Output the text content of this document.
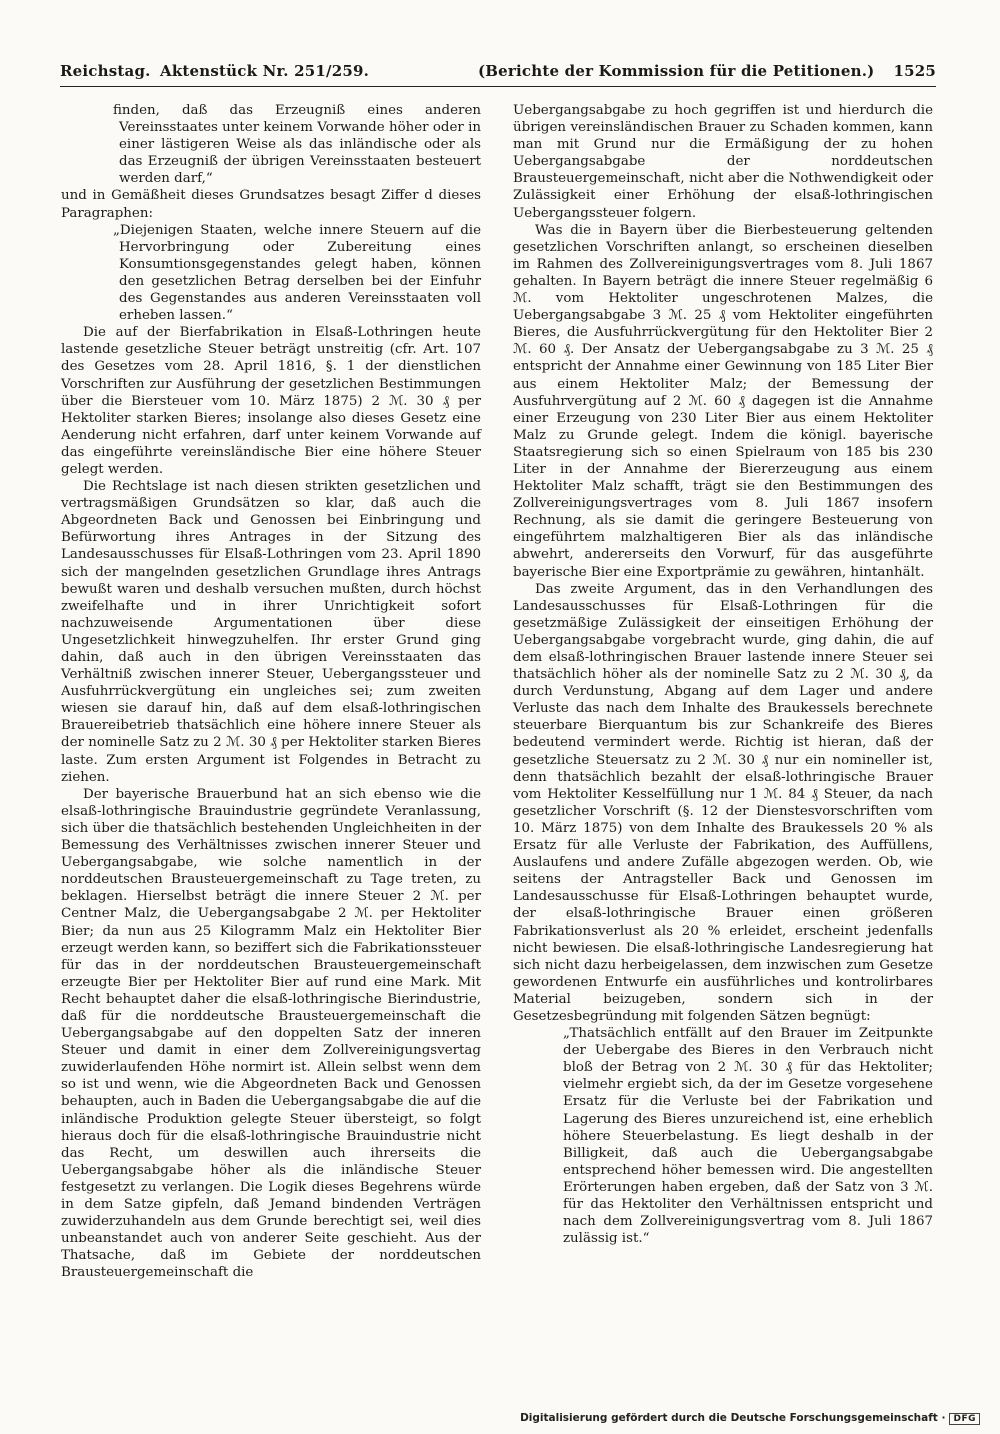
Reichstag. Aktenstück Nr. 251/259.	(Berichte der Kommission für die Petitionen.) 1525

finden, daß das Erzeugniß eines anderen Vereinsstaates unter keinem Vorwande höher oder in einer lästigeren Weise als das inländische oder als das Erzeugniß der übrigen Vereinsstaaten besteuert werden darf,“

und in Gemäßheit dieses Grundsatzes besagt Ziffer d dieses Paragraphen:

„Diejenigen Staaten, welche innere Steuern auf die Hervorbringung oder Zubereitung eines Konsumtionsgegenstandes gelegt haben, können den gesetzlichen Betrag derselben bei der Einfuhr des Gegenstandes aus anderen Vereinsstaaten voll erheben lassen.“

Die auf der Bierfabrikation in Elsaß-Lothringen heute lastende gesetzliche Steuer beträgt unstreitig (cfr. Art. 107 des Gesetzes vom 28. April 1816, §. 1 der dienstlichen Vorschriften zur Ausführung der gesetzlichen Bestimmungen über die Biersteuer vom 10. März 1875) 2 ℳ. 30 ₰ per Hektoliter starken Bieres; insolange also dieses Gesetz eine Aenderung nicht erfahren, darf unter keinem Vorwande auf das eingeführte vereinsländische Bier eine höhere Steuer gelegt werden.

Die Rechtslage ist nach diesen strikten gesetzlichen und vertragsmäßigen Grundsätzen so klar, daß auch die Abgeordneten Back und Genossen bei Einbringung und Befürwortung ihres Antrages in der Sitzung des Landesausschusses für Elsaß-Lothringen vom 23. April 1890 sich der mangelnden gesetzlichen Grundlage ihres Antrags bewußt waren und deshalb versuchen mußten, durch höchst zweifelhafte und in ihrer Unrichtigkeit sofort nachzuweisende Argumentationen über diese Ungesetzlichkeit hinwegzuhelfen. Ihr erster Grund ging dahin, daß auch in den übrigen Vereinsstaaten das Verhältniß zwischen innerer Steuer, Uebergangssteuer und Ausfuhrrückvergütung ein ungleiches sei; zum zweiten wiesen sie darauf hin, daß auf dem elsaß-lothringischen Brauereibetrieb thatsächlich eine höhere innere Steuer als der nominelle Satz zu 2 ℳ. 30 ₰ per Hektoliter starken Bieres laste. Zum ersten Argument ist Folgendes in Betracht zu ziehen.

Der bayerische Brauerbund hat an sich ebenso wie die elsaß-lothringische Brauindustrie gegründete Veranlassung, sich über die thatsächlich bestehenden Ungleichheiten in der Bemessung des Verhältnisses zwischen innerer Steuer und Uebergangsabgabe, wie solche namentlich in der norddeutschen Brausteuergemeinschaft zu Tage treten, zu beklagen. Hierselbst beträgt die innere Steuer 2 ℳ. per Centner Malz, die Uebergangsabgabe 2 ℳ. per Hektoliter Bier; da nun aus 25 Kilogramm Malz ein Hektoliter Bier erzeugt werden kann, so beziffert sich die Fabrikationssteuer für das in der norddeutschen Brausteuergemeinschaft erzeugte Bier per Hektoliter Bier auf rund eine Mark. Mit Recht behauptet daher die elsaß-lothringische Bierindustrie, daß für die norddeutsche Brausteuergemeinschaft die Uebergangsabgabe auf den doppelten Satz der inneren Steuer und damit in einer dem Zollvereinigungsvertag zuwiderlaufenden Höhe normirt ist. Allein selbst wenn dem so ist und wenn, wie die Abgeordneten Back und Genossen behaupten, auch in Baden die Uebergangsabgabe die auf die inländische Produktion gelegte Steuer übersteigt, so folgt hieraus doch für die elsaß-lothringische Brauindustrie nicht das Recht, um deswillen auch ihrerseits die Uebergangsabgabe höher als die inländische Steuer festgesetzt zu verlangen. Die Logik dieses Begehrens würde in dem Satze gipfeln, daß Jemand bindenden Verträgen zuwiderzuhandeln aus dem Grunde berechtigt sei, weil dies unbeanstandet auch von anderer Seite geschieht. Aus der Thatsache, daß im Gebiete der norddeutschen Brausteuergemeinschaft die

Uebergangsabgabe zu hoch gegriffen ist und hierdurch die übrigen vereinsländischen Brauer zu Schaden kommen, kann man mit Grund nur die Ermäßigung der zu hohen Uebergangsabgabe der norddeutschen Brausteuergemeinschaft, nicht aber die Nothwendigkeit oder Zulässigkeit einer Erhöhung der elsaß-lothringischen Uebergangssteuer folgern.

Was die in Bayern über die Bierbesteuerung geltenden gesetzlichen Vorschriften anlangt, so erscheinen dieselben im Rahmen des Zollvereinigungsvertrages vom 8. Juli 1867 gehalten. In Bayern beträgt die innere Steuer regelmäßig 6 ℳ. vom Hektoliter ungeschrotenen Malzes, die Uebergangsabgabe 3 ℳ. 25 ₰ vom Hektoliter eingeführten Bieres, die Ausfuhrrückvergütung für den Hektoliter Bier 2 ℳ. 60 ₰. Der Ansatz der Uebergangsabgabe zu 3 ℳ. 25 ₰ entspricht der Annahme einer Gewinnung von 185 Liter Bier aus einem Hektoliter Malz; der Bemessung der Ausfuhrvergütung auf 2 ℳ. 60 ₰ dagegen ist die Annahme einer Erzeugung von 230 Liter Bier aus einem Hektoliter Malz zu Grunde gelegt. Indem die königl. bayerische Staatsregierung sich so einen Spielraum von 185 bis 230 Liter in der Annahme der Biererzeugung aus einem Hektoliter Malz schafft, trägt sie den Bestimmungen des Zollvereinigungsvertrages vom 8. Juli 1867 insofern Rechnung, als sie damit die geringere Besteuerung von eingeführtem malzhaltigeren Bier als das inländische abwehrt, andererseits den Vorwurf, für das ausgeführte bayerische Bier eine Exportprämie zu gewähren, hintanhält.

Das zweite Argument, das in den Verhandlungen des Landesausschusses für Elsaß-Lothringen für die gesetzmäßige Zulässigkeit der einseitigen Erhöhung der Uebergangsabgabe vorgebracht wurde, ging dahin, die auf dem elsaß-lothringischen Brauer lastende innere Steuer sei thatsächlich höher als der nominelle Satz zu 2 ℳ. 30 ₰, da durch Verdunstung, Abgang auf dem Lager und andere Verluste das nach dem Inhalte des Braukessels berechnete steuerbare Bierquantum bis zur Schankreife des Bieres bedeutend vermindert werde. Richtig ist hieran, daß der gesetzliche Steuersatz zu 2 ℳ. 30 ₰ nur ein nomineller ist, denn thatsächlich bezahlt der elsaß-lothringische Brauer vom Hektoliter Kesselfüllung nur 1 ℳ. 84 ₰ Steuer, da nach gesetzlicher Vorschrift (§. 12 der Dienstesvorschriften vom 10. März 1875) von dem Inhalte des Braukessels 20 % als Ersatz für alle Verluste der Fabrikation, des Auffüllens, Auslaufens und andere Zufälle abgezogen werden. Ob, wie seitens der Antragsteller Back und Genossen im Landesausschusse für Elsaß-Lothringen behauptet wurde, der elsaß-lothringische Brauer einen größeren Fabrikationsverlust als 20 % erleidet, erscheint jedenfalls nicht bewiesen. Die elsaß-lothringische Landesregierung hat sich nicht dazu herbeigelassen, dem inzwischen zum Gesetze gewordenen Entwurfe ein ausführliches und kontrolirbares Material beizugeben, sondern sich in der Gesetzesbegründung mit folgenden Sätzen begnügt:

„Thatsächlich entfällt auf den Brauer im Zeitpunkte der Uebergabe des Bieres in den Verbrauch nicht bloß der Betrag von 2 ℳ. 30 ₰ für das Hektoliter; vielmehr ergiebt sich, da der im Gesetze vorgesehene Ersatz für die Verluste bei der Fabrikation und Lagerung des Bieres unzureichend ist, eine erheblich höhere Steuerbelastung. Es liegt deshalb in der Billigkeit, daß auch die Uebergangsabgabe entsprechend höher bemessen wird. Die angestellten Erörterungen haben ergeben, daß der Satz von 3 ℳ. für das Hektoliter den Verhältnissen entspricht und nach dem Zollvereinigungsvertrag vom 8. Juli 1867 zulässig ist.“

Digitalisierung gefördert durch die Deutsche Forschungsgemeinschaft · DFG
